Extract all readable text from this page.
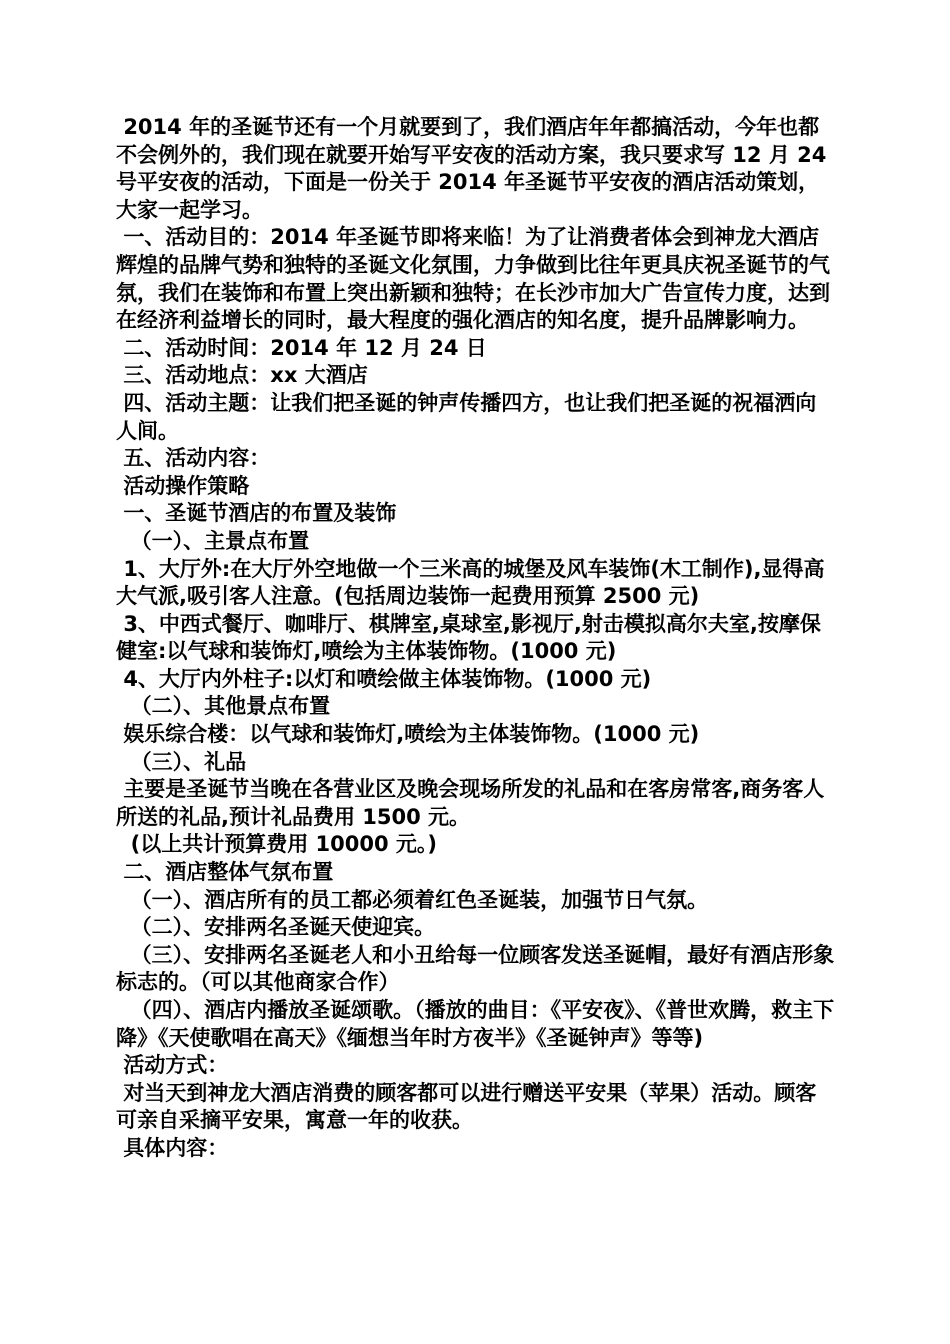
2014 年的圣诞节还有一个月就要到了，我们酒店年年都搞活动，今年也都不会例外的，我们现在就要开始写平安夜的活动方案，我只要求写 12 月 24 号平安夜的活动，下面是一份关于 2014 年圣诞节平安夜的酒店活动策划，大家一起学习。

一、活动目的：2014 年圣诞节即将来临！为了让消费者体会到神龙大酒店辉煌的品牌气势和独特的圣诞文化氛围，力争做到比往年更具庆祝圣诞节的气氛，我们在装饰和布置上突出新颖和独特；在长沙市加大广告宣传力度，达到在经济利益增长的同时，最大程度的强化酒店的知名度，提升品牌影响力。

二、活动时间：2014 年 12 月 24 日

三、活动地点：xx 大酒店

四、活动主题：让我们把圣诞的钟声传播四方，也让我们把圣诞的祝福洒向人间。

五、活动内容：

活动操作策略

一、圣诞节酒店的布置及装饰

（一）、主景点布置

1、大厅外:在大厅外空地做一个三米高的城堡及风车装饰(木工制作),显得高大气派,吸引客人注意。(包括周边装饰一起费用预算 2500 元)

3、中西式餐厅、咖啡厅、棋牌室,桌球室,影视厅,射击模拟高尔夫室,按摩保健室:以气球和装饰灯,喷绘为主体装饰物。(1000 元)

4、大厅内外柱子:以灯和喷绘做主体装饰物。(1000 元)

（二）、其他景点布置

娱乐综合楼：以气球和装饰灯,喷绘为主体装饰物。(1000 元)

（三）、礼品

主要是圣诞节当晚在各营业区及晚会现场所发的礼品和在客房常客,商务客人所送的礼品,预计礼品费用 1500 元。

(以上共计预算费用 10000 元。)

二、酒店整体气氛布置

（一）、酒店所有的员工都必须着红色圣诞装，加强节日气氛。

（二）、安排两名圣诞天使迎宾。

（三）、安排两名圣诞老人和小丑给每一位顾客发送圣诞帽，最好有酒店形象标志的。（可以其他商家合作）

（四）、酒店内播放圣诞颂歌。（播放的曲目：《平安夜》、《普世欢腾，救主下降》《天使歌唱在高天》《缅想当年时方夜半》《圣诞钟声》等等)

活动方式：

对当天到神龙大酒店消费的顾客都可以进行赠送平安果（苹果）活动。顾客可亲自采摘平安果，寓意一年的收获。

具体内容：
